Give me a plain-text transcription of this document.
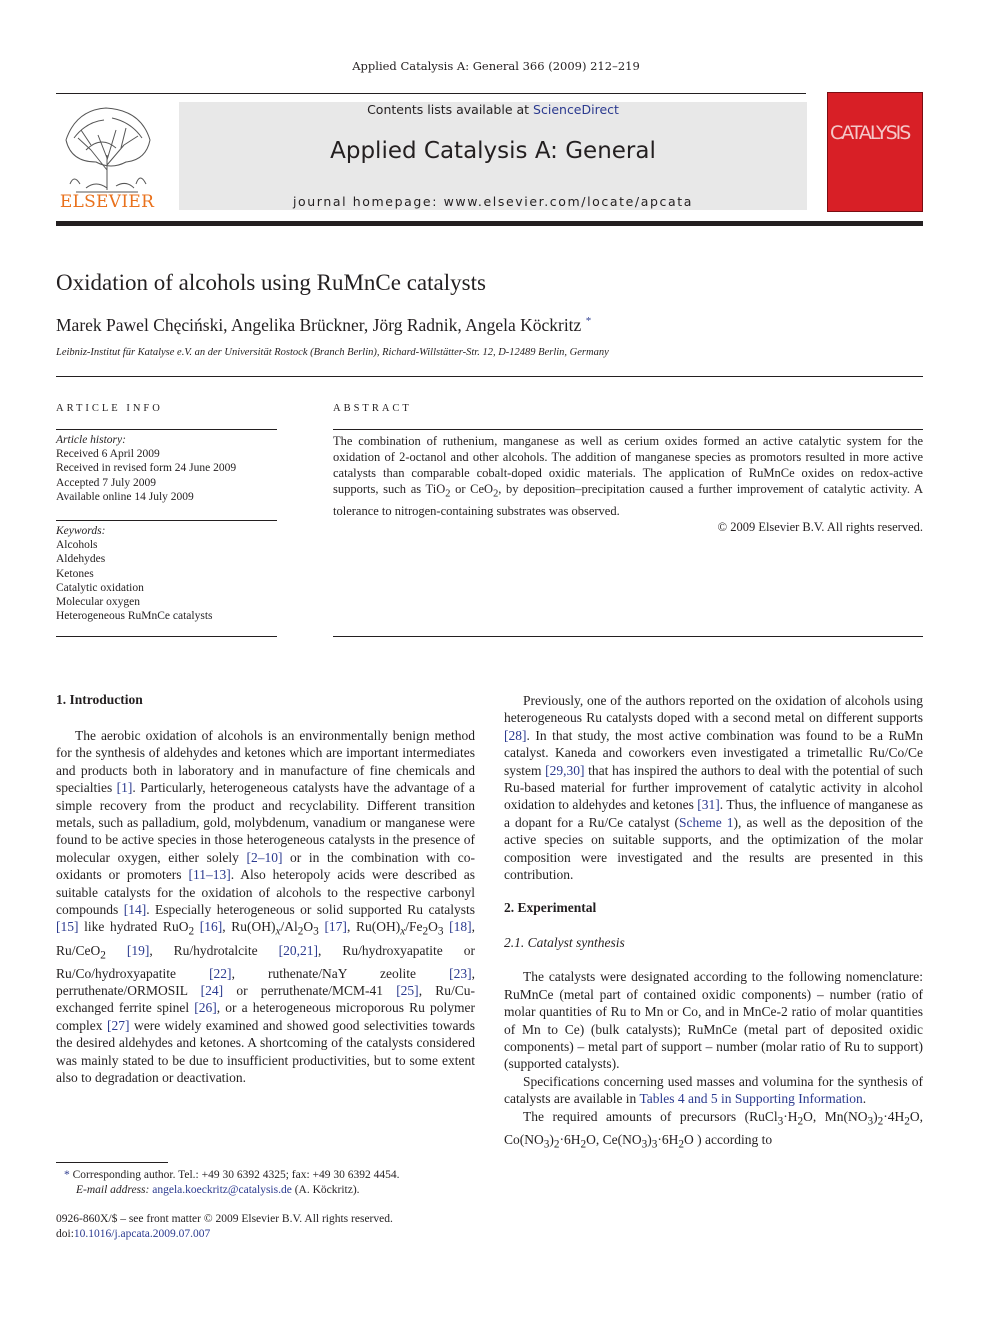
Applied Catalysis A: General 366 (2009) 212–219
ELSEVIER
Contents lists available at ScienceDirect
Applied Catalysis A: General
journal homepage: www.elsevier.com/locate/apcata
CATALYSIS
Oxidation of alcohols using RuMnCe catalysts
Marek Pawel Chęciński, Angelika Brückner, Jörg Radnik, Angela Köckritz *
Leibniz-Institut für Katalyse e.V. an der Universität Rostock (Branch Berlin), Richard-Willstätter-Str. 12, D-12489 Berlin, Germany
ARTICLE INFO
Article history:
Received 6 April 2009
Received in revised form 24 June 2009
Accepted 7 July 2009
Available online 14 July 2009
Keywords:
Alcohols
Aldehydes
Ketones
Catalytic oxidation
Molecular oxygen
Heterogeneous RuMnCe catalysts
ABSTRACT
The combination of ruthenium, manganese as well as cerium oxides formed an active catalytic system for the oxidation of 2-octanol and other alcohols. The addition of manganese species as promotors resulted in more active catalysts than comparable cobalt-doped oxidic materials. The application of RuMnCe oxides on redox-active supports, such as TiO$_2$ or CeO$_2$, by deposition–precipitation caused a further improvement of catalytic activity. A tolerance to nitrogen-containing substrates was observed.
© 2009 Elsevier B.V. All rights reserved.
1. Introduction

The aerobic oxidation of alcohols is an environmentally benign method for the synthesis of aldehydes and ketones which are important intermediates and products both in laboratory and in manufacture of fine chemicals and specialties [1]. Particularly, heterogeneous catalysts have the advantage of a simple recovery from the product and recyclability. Different transition metals, such as palladium, gold, molybdenum, vanadium or manganese were found to be active species in those heterogeneous catalysts in the presence of molecular oxygen, either solely [2–10] or in the combination with co-oxidants or promoters [11–13]. Also heteropoly acids were described as suitable catalysts for the oxidation of alcohols to the respective carbonyl compounds [14]. Especially heterogeneous or solid supported Ru catalysts [15] like hydrated RuO$_2$ [16], $Ru(OH)_x/Al_2O_3$ [17], $Ru(OH)_x/Fe_2O_3$ [18], Ru/CeO$_2$ [19], Ru/hydrotalcite [20,21], Ru/hydroxyapatite or Ru/Co/hydroxyapatite [22], ruthenate/NaY zeolite [23], perruthenate/ORMOSIL [24] or perruthenate/MCM-41 [25], Ru/Cu-exchanged ferrite spinel [26], or a heterogeneous microporous Ru polymer complex [27] were widely examined and showed good selectivities towards the desired aldehydes and ketones. A shortcoming of the catalysts considered was mainly stated to be due to insufficient productivities, but to some extent also to degradation or deactivation.

* Corresponding author. Tel.: +49 30 6392 4325; fax: +49 30 6392 4454.
E-mail address: angela.koeckritz@catalysis.de (A. Köckritz).
0926-860X/$ – see front matter © 2009 Elsevier B.V. All rights reserved.
doi:10.1016/j.apcata.2009.07.007

Previously, one of the authors reported on the oxidation of alcohols using heterogeneous Ru catalysts doped with a second metal on different supports [28]. In that study, the most active combination was found to be a RuMn catalyst. Kaneda and coworkers even investigated a trimetallic Ru/Co/Ce system [29,30] that has inspired the authors to deal with the potential of such Ru-based material for further improvement of catalytic activity in alcohol oxidation to aldehydes and ketones [31]. Thus, the influence of manganese as a dopant for a Ru/Ce catalyst (Scheme 1), as well as the deposition of the active species on suitable supports, and the optimization of the molar composition were investigated and the results are presented in this contribution.

2. Experimental
2.1. Catalyst synthesis

The catalysts were designated according to the following nomenclature: RuMnCe (metal part of contained oxidic components) – number (ratio of molar quantities of Ru to Mn or Co, and in MnCe-2 ratio of molar quantities of Mn to Ce) (bulk catalysts); RuMnCe (metal part of deposited oxidic components) – metal part of support – number (molar ratio of Ru to support) (supported catalysts).

Specifications concerning used masses and volumina for the synthesis of catalysts are available in Tables 4 and 5 in Supporting Information.

The required amounts of precursors ($RuCl_3\cdot H_2O$, $Mn(NO_3)_2\cdot 4H_2O$, $Co(NO_3)_2\cdot 6H_2O$, $Ce(NO_3)_3\cdot 6H_2O$ ) according to
